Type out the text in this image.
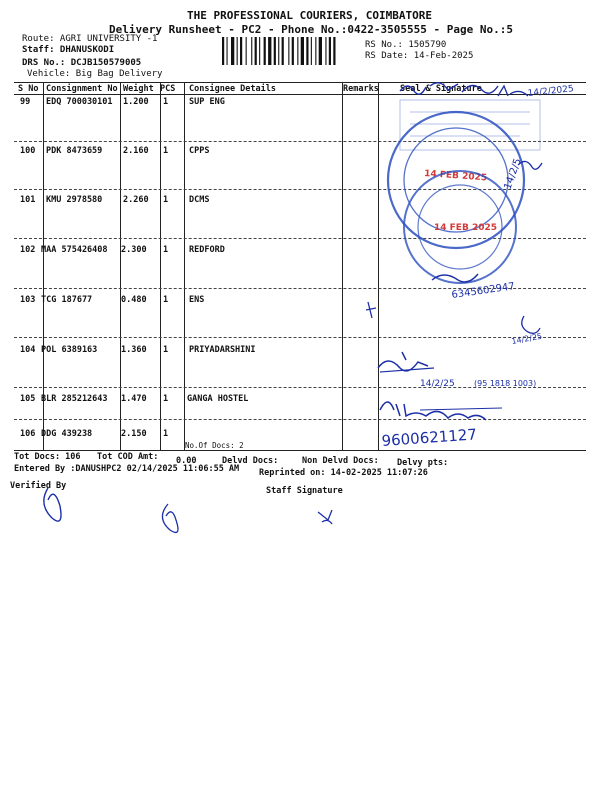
THE PROFESSIONAL COURIERS, COIMBATORE
Delivery Runsheet - PC2 - Phone No.:0422-3505555 - Page No.:5
Route: AGRI UNIVERSITY -1
Staff: DHANUSKODI
DRS No.: DCJB150579005
Vehicle: Big Bag Delivery
RS No.: 1505790
RS Date: 14-Feb-2025
S No Consignment No Weight PCS Consignee Details	Remarks Seal & Signature
99 EDQ 700030101 1.200 1 SUP ENG
100 PDK 8473659 2.160 1 CPPS
101 KMU 2978580 2.260 1 DCMS
102 MAA 575426408 2.300 1 REDFORD
103 TCG 187677	0.480 1 ENS
104 POL 6389163	1.360 1 PRIYADARSHINI
105 BLR 285212643 1.470 1 GANGA HOSTEL
106 DDG 439238	2.150 1
No.Of Docs: 2
Tot Docs: 106 Tot COD Amt: 0.00	Delvd Docs:	Non Delvd Docs: Delvy pts:
Entered By :DANUSHPC2 02/14/2025 11:06:55 AM Reprinted on: 14-02-2025 11:07:26
Verified By	Staff Signature
14/2/2025
14 FEB 2025
14 FEB 2025
14/2/5
6345602947
14/2/25
14/2/25 (95 1818 1003)
9600621127
